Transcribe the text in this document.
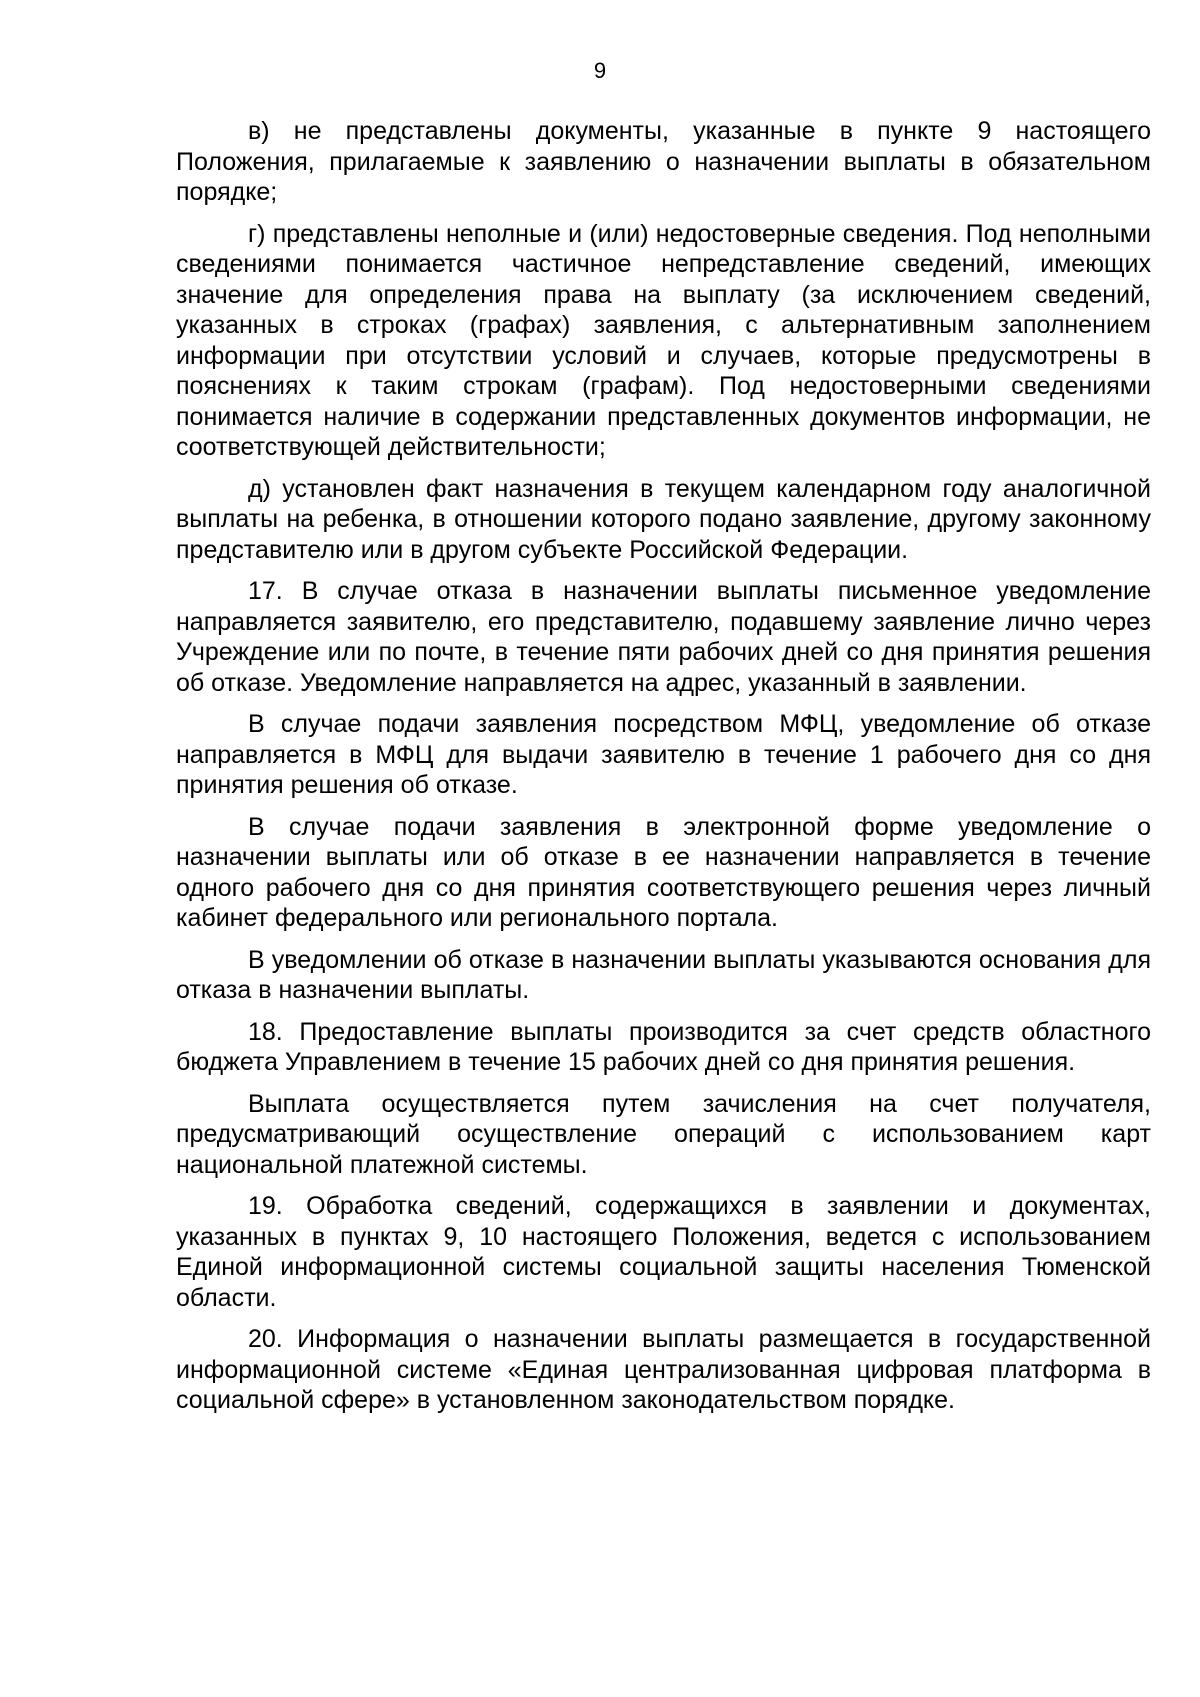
9

в) не представлены документы, указанные в пункте 9 настоящего Положения, прилагаемые к заявлению о назначении выплаты в обязательном порядке;

г) представлены неполные и (или) недостоверные сведения. Под неполными сведениями понимается частичное непредставление сведений, имеющих значение для определения права на выплату (за исключением сведений, указанных в строках (графах) заявления, с альтернативным заполнением информации при отсутствии условий и случаев, которые предусмотрены в пояснениях к таким строкам (графам). Под недостоверными сведениями понимается наличие в содержании представленных документов информации, не соответствующей действительности;

д) установлен факт назначения в текущем календарном году аналогичной выплаты на ребенка, в отношении которого подано заявление, другому законному представителю или в другом субъекте Российской Федерации.

17. В случае отказа в назначении выплаты письменное уведомление направляется заявителю, его представителю, подавшему заявление лично через Учреждение или по почте, в течение пяти рабочих дней со дня принятия решения об отказе. Уведомление направляется на адрес, указанный в заявлении.

В случае подачи заявления посредством МФЦ, уведомление об отказе направляется в МФЦ для выдачи заявителю в течение 1 рабочего дня со дня принятия решения об отказе.

В случае подачи заявления в электронной форме уведомление о назначении выплаты или об отказе в ее назначении направляется в течение одного рабочего дня со дня принятия соответствующего решения через личный кабинет федерального или регионального портала.

В уведомлении об отказе в назначении выплаты указываются основания для отказа в назначении выплаты.

18. Предоставление выплаты производится за счет средств областного бюджета Управлением в течение 15 рабочих дней со дня принятия решения.

Выплата осуществляется путем зачисления на счет получателя, предусматривающий осуществление операций с использованием карт национальной платежной системы.

19. Обработка сведений, содержащихся в заявлении и документах, указанных в пунктах 9, 10 настоящего Положения, ведется с использованием Единой информационной системы социальной защиты населения Тюменской области.

20. Информация о назначении выплаты размещается в государственной информационной системе «Единая централизованная цифровая платформа в социальной сфере» в установленном законодательством порядке.
